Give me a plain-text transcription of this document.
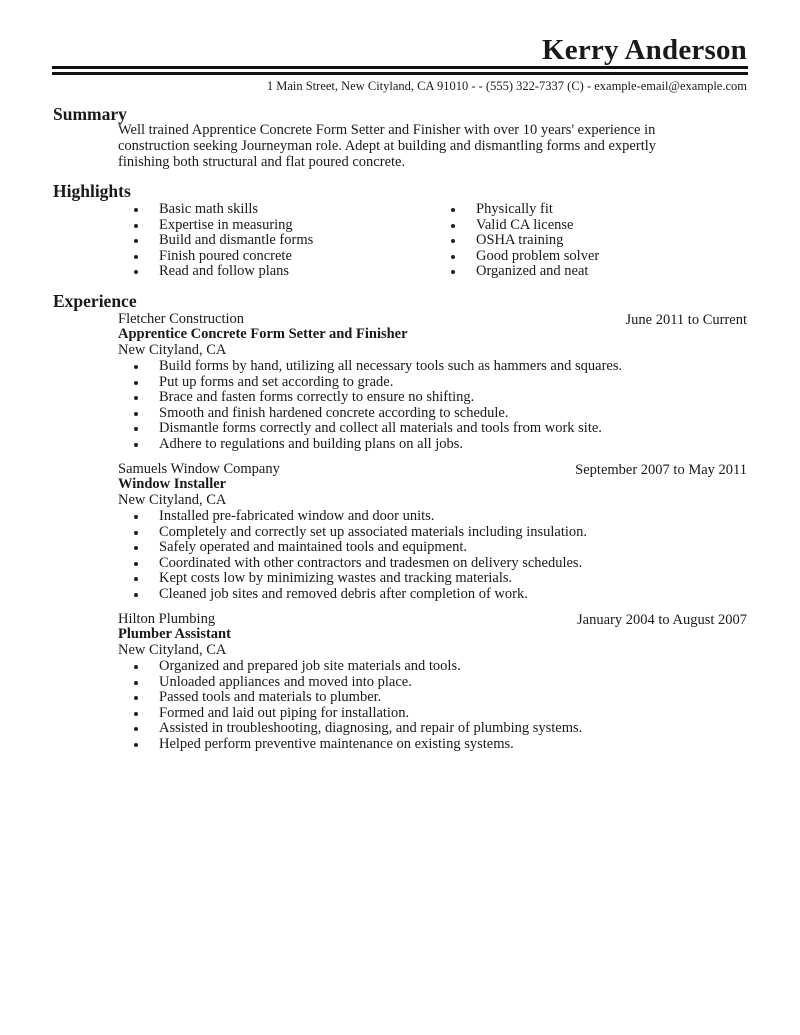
Kerry Anderson
1 Main Street, New Cityland, CA 91010 - - (555) 322-7337 (C) - example-email@example.com
Summary
Well trained Apprentice Concrete Form Setter and Finisher with over 10 years' experience in
construction seeking Journeyman role. Adept at building and dismantling forms and expertly
finishing both structural and flat poured concrete.
Highlights
Basic math skills
Expertise in measuring
Build and dismantle forms
Finish poured concrete
Read and follow plans
Physically fit
Valid CA license
OSHA training
Good problem solver
Organized and neat
Experience
Fletcher Construction	June 2011 to Current
Apprentice Concrete Form Setter and Finisher
New Cityland, CA
Build forms by hand, utilizing all necessary tools such as hammers and squares.
Put up forms and set according to grade.
Brace and fasten forms correctly to ensure no shifting.
Smooth and finish hardened concrete according to schedule.
Dismantle forms correctly and collect all materials and tools from work site.
Adhere to regulations and building plans on all jobs.
Samuels Window Company	September 2007 to May 2011
Window Installer
New Cityland, CA
Installed pre-fabricated window and door units.
Completely and correctly set up associated materials including insulation.
Safely operated and maintained tools and equipment.
Coordinated with other contractors and tradesmen on delivery schedules.
Kept costs low by minimizing wastes and tracking materials.
Cleaned job sites and removed debris after completion of work.
Hilton Plumbing	January 2004 to August 2007
Plumber Assistant
New Cityland, CA
Organized and prepared job site materials and tools.
Unloaded appliances and moved into place.
Passed tools and materials to plumber.
Formed and laid out piping for installation.
Assisted in troubleshooting, diagnosing, and repair of plumbing systems.
Helped perform preventive maintenance on existing systems.
